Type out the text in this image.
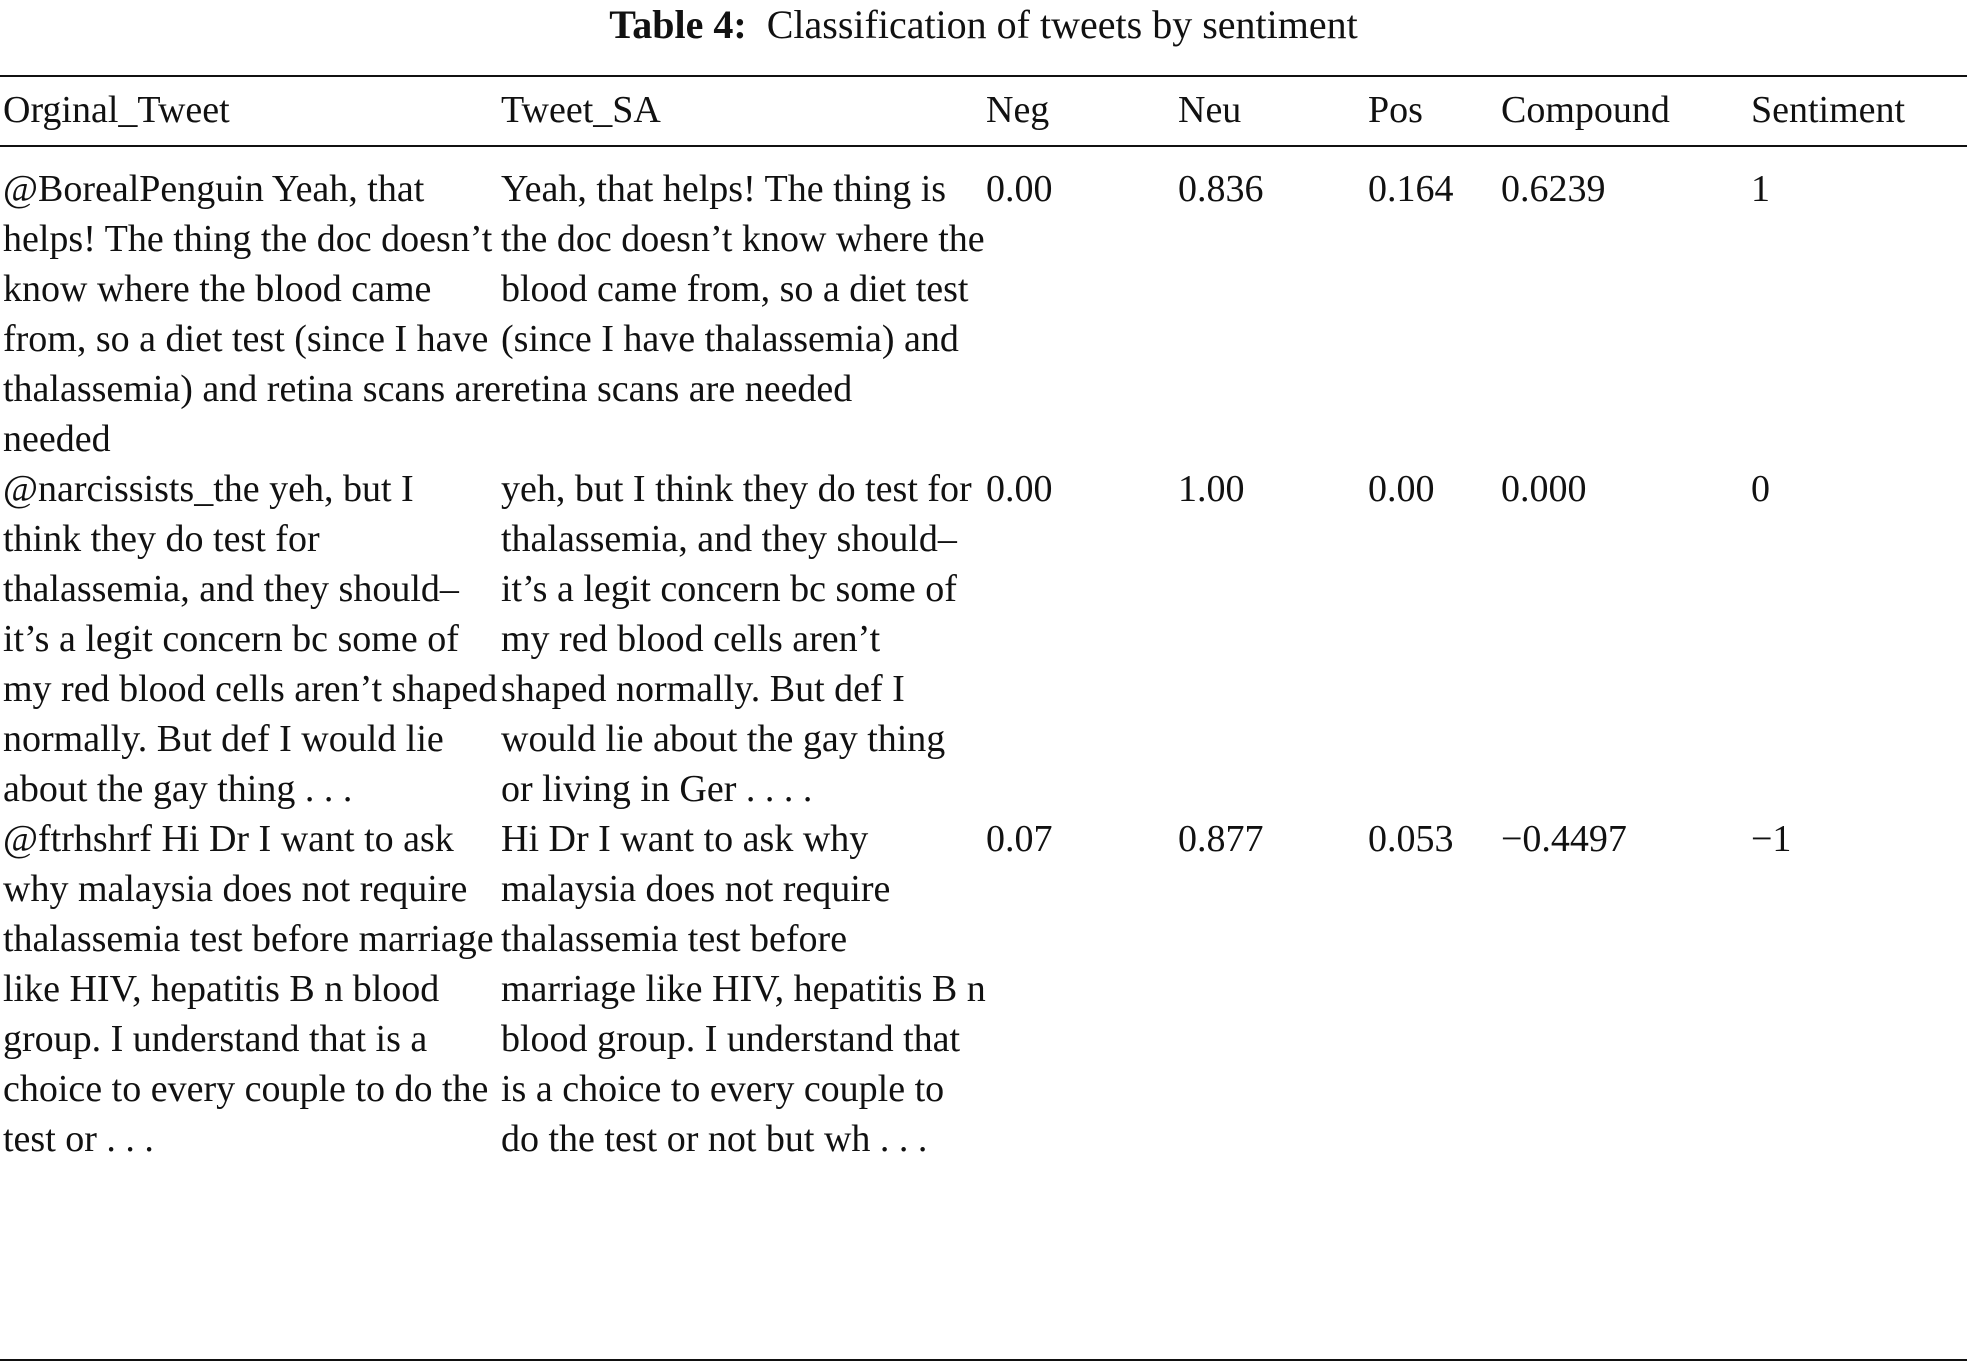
Table 4: Classification of tweets by sentiment
Orginal_Tweet	Tweet_SA	Neg	Neu	Pos	Compound	Sentiment
@BorealPenguin Yeah, that helps! The thing the doc doesn’t know where the blood came from, so a diet test (since I have thalassemia) and retina scans are needed	Yeah, that helps! The thing is the doc doesn’t know where the blood came from, so a diet test (since I have thalassemia) and retina scans are needed	0.00	0.836	0.164	0.6239	1
@narcissists_the yeh, but I think they do test for thalassemia, and they should–it’s a legit concern bc some of my red blood cells aren’t shaped normally. But def I would lie about the gay thing . . .	yeh, but I think they do test for thalassemia, and they should–it’s a legit concern bc some of my red blood cells aren’t shaped normally. But def I would lie about the gay thing or living in Ger . . . .	0.00	1.00	0.00	0.000	0
@ftrhshrf Hi Dr I want to ask why malaysia does not require thalassemia test before marriage like HIV, hepatitis B n blood group. I understand that is a choice to every couple to do the test or . . .	Hi Dr I want to ask why malaysia does not require thalassemia test before marriage like HIV, hepatitis B n blood group. I understand that is a choice to every couple to do the test or not but wh . . .	0.07	0.877	0.053	−0.4497	−1
